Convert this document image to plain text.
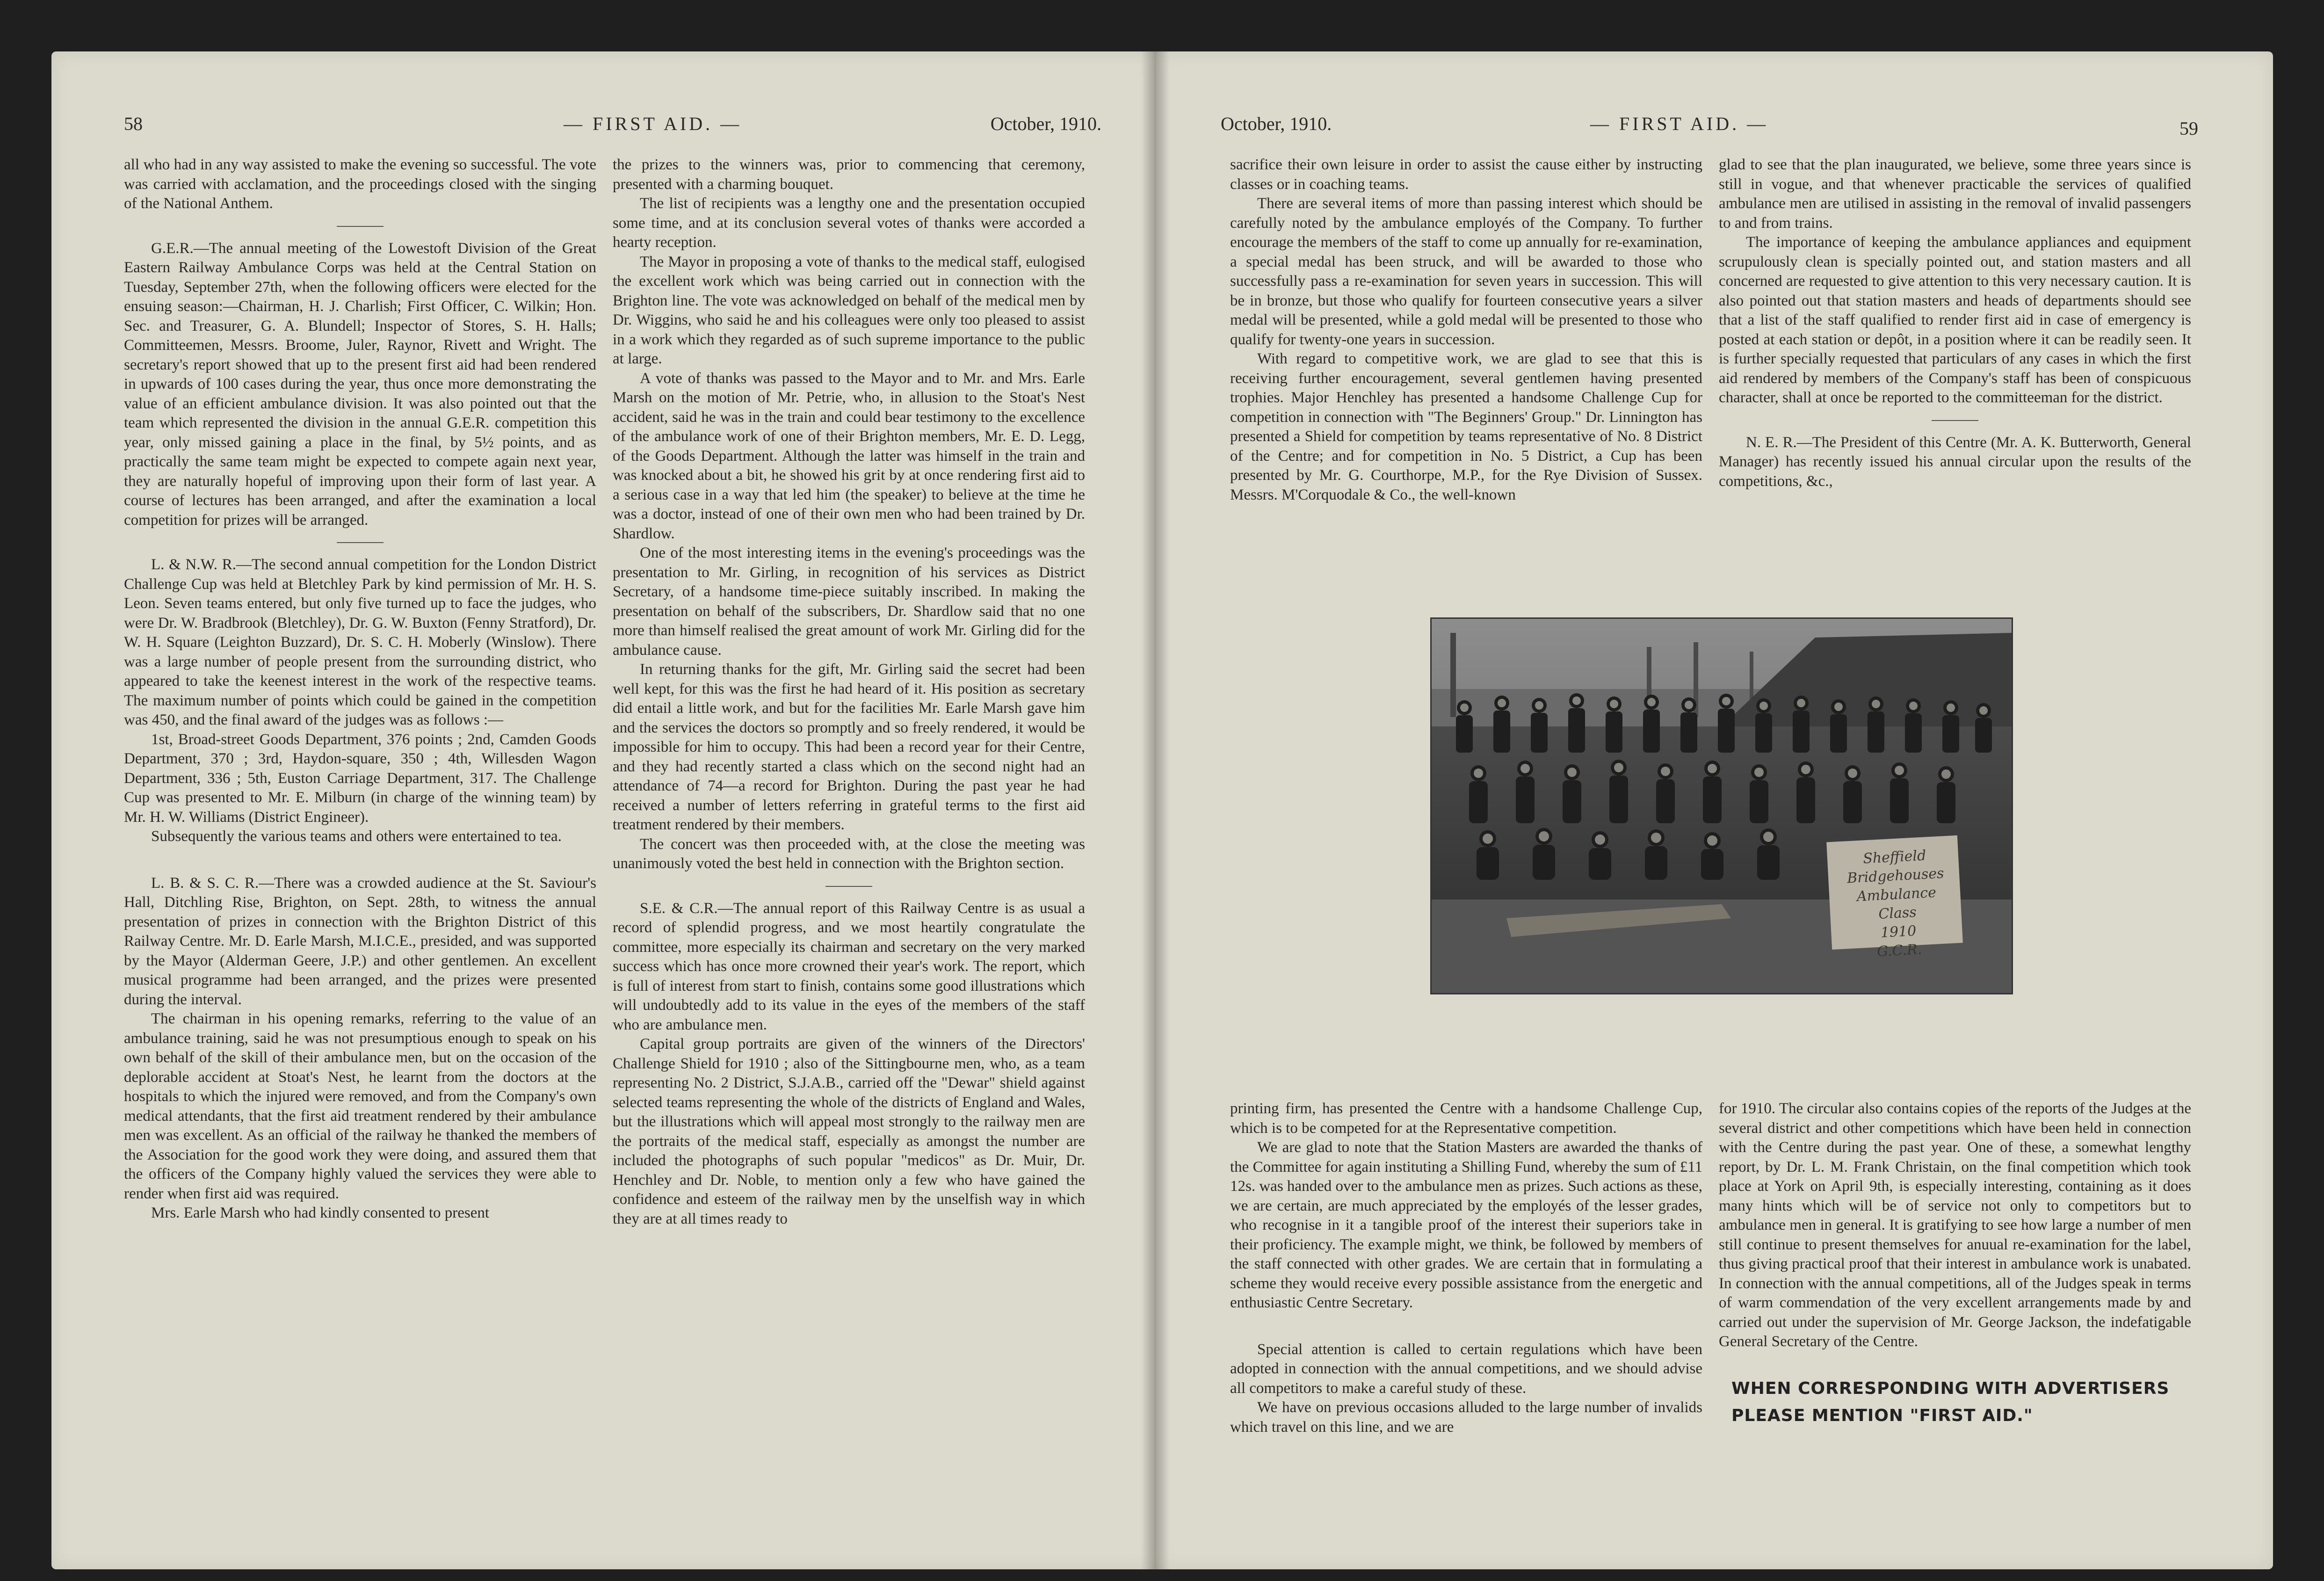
58	— FIRST AID. —	October, 1910.

all who had in any way assisted to make the evening so successful. The vote was carried with acclamation, and the proceedings closed with the singing of the National Anthem.

G.E.R.—The annual meeting of the Lowestoft Division of the Great Eastern Railway Ambulance Corps was held at the Central Station on Tuesday, September 27th, when the following officers were elected for the ensuing season:—Chairman, H. J. Charlish; First Officer, C. Wilkin; Hon. Sec. and Treasurer, G. A. Blundell; Inspector of Stores, S. H. Halls; Committeemen, Messrs. Broome, Juler, Raynor, Rivett and Wright. The secretary's report showed that up to the present first aid had been rendered in upwards of 100 cases during the year, thus once more demonstrating the value of an efficient ambulance division. It was also pointed out that the team which represented the division in the annual G.E.R. competition this year, only missed gaining a place in the final, by 5½ points, and as practically the same team might be expected to compete again next year, they are naturally hopeful of improving upon their form of last year. A course of lectures has been arranged, and after the examination a local competition for prizes will be arranged.

L. & N.W. R.—The second annual competition for the London District Challenge Cup was held at Bletchley Park by kind permission of Mr. H. S. Leon. Seven teams entered, but only five turned up to face the judges, who were Dr. W. Bradbrook (Bletchley), Dr. G. W. Buxton (Fenny Stratford), Dr. W. H. Square (Leighton Buzzard), Dr. S. C. H. Moberly (Winslow). There was a large number of people present from the surrounding district, who appeared to take the keenest interest in the work of the respective teams. The maximum number of points which could be gained in the competition was 450, and the final award of the judges was as follows :—

1st, Broad-street Goods Department, 376 points ; 2nd, Camden Goods Department, 370 ; 3rd, Haydon-square, 350 ; 4th, Willesden Wagon Department, 336 ; 5th, Euston Carriage Department, 317. The Challenge Cup was presented to Mr. E. Milburn (in charge of the winning team) by Mr. H. W. Williams (District Engineer).

Subsequently the various teams and others were entertained to tea.

L. B. & S. C. R.—There was a crowded audience at the St. Saviour's Hall, Ditchling Rise, Brighton, on Sept. 28th, to witness the annual presentation of prizes in connection with the Brighton District of this Railway Centre. Mr. D. Earle Marsh, M.I.C.E., presided, and was supported by the Mayor (Alderman Geere, J.P.) and other gentlemen. An excellent musical programme had been arranged, and the prizes were presented during the interval.

The chairman in his opening remarks, referring to the value of an ambulance training, said he was not presumptious enough to speak on his own behalf of the skill of their ambulance men, but on the occasion of the deplorable accident at Stoat's Nest, he learnt from the doctors at the hospitals to which the injured were removed, and from the Company's own medical attendants, that the first aid treatment rendered by their ambulance men was excellent. As an official of the railway he thanked the members of the Association for the good work they were doing, and assured them that the officers of the Company highly valued the services they were able to render when first aid was required.

Mrs. Earle Marsh who had kindly consented to present

the prizes to the winners was, prior to commencing that ceremony, presented with a charming bouquet.

The list of recipients was a lengthy one and the presentation occupied some time, and at its conclusion several votes of thanks were accorded a hearty reception.

The Mayor in proposing a vote of thanks to the medical staff, eulogised the excellent work which was being carried out in connection with the Brighton line. The vote was acknowledged on behalf of the medical men by Dr. Wiggins, who said he and his colleagues were only too pleased to assist in a work which they regarded as of such supreme importance to the public at large.

A vote of thanks was passed to the Mayor and to Mr. and Mrs. Earle Marsh on the motion of Mr. Petrie, who, in allusion to the Stoat's Nest accident, said he was in the train and could bear testimony to the excellence of the ambulance work of one of their Brighton members, Mr. E. D. Legg, of the Goods Department. Although the latter was himself in the train and was knocked about a bit, he showed his grit by at once rendering first aid to a serious case in a way that led him (the speaker) to believe at the time he was a doctor, instead of one of their own men who had been trained by Dr. Shardlow.

One of the most interesting items in the evening's proceedings was the presentation to Mr. Girling, in recognition of his services as District Secretary, of a handsome time-piece suitably inscribed. In making the presentation on behalf of the subscribers, Dr. Shardlow said that no one more than himself realised the great amount of work Mr. Girling did for the ambulance cause.

In returning thanks for the gift, Mr. Girling said the secret had been well kept, for this was the first he had heard of it. His position as secretary did entail a little work, and but for the facilities Mr. Earle Marsh gave him and the services the doctors so promptly and so freely rendered, it would be impossible for him to occupy. This had been a record year for their Centre, and they had recently started a class which on the second night had an attendance of 74—a record for Brighton. During the past year he had received a number of letters referring in grateful terms to the first aid treatment rendered by their members.

The concert was then proceeded with, at the close the meeting was unanimously voted the best held in connection with the Brighton section.

S.E. & C.R.—The annual report of this Railway Centre is as usual a record of splendid progress, and we most heartily congratulate the committee, more especially its chairman and secretary on the very marked success which has once more crowned their year's work. The report, which is full of interest from start to finish, contains some good illustrations which will undoubtedly add to its value in the eyes of the members of the staff who are ambulance men.

Capital group portraits are given of the winners of the Directors' Challenge Shield for 1910 ; also of the Sittingbourne men, who, as a team representing No. 2 District, S.J.A.B., carried off the "Dewar" shield against selected teams representing the whole of the districts of England and Wales, but the illustrations which will appeal most strongly to the railway men are the portraits of the medical staff, especially as amongst the number are included the photographs of such popular "medicos" as Dr. Muir, Dr. Henchley and Dr. Noble, to mention only a few who have gained the confidence and esteem of the railway men by the unselfish way in which they are at all times ready to

October, 1910.	— FIRST AID. —	59

sacrifice their own leisure in order to assist the cause either by instructing classes or in coaching teams.

There are several items of more than passing interest which should be carefully noted by the ambulance employés of the Company. To further encourage the members of the staff to come up annually for re-examination, a special medal has been struck, and will be awarded to those who successfully pass a re-examination for seven years in succession. This will be in bronze, but those who qualify for fourteen consecutive years a silver medal will be presented, while a gold medal will be presented to those who qualify for twenty-one years in succession.

With regard to competitive work, we are glad to see that this is receiving further encouragement, several gentlemen having presented trophies. Major Henchley has presented a handsome Challenge Cup for competition in connection with "The Beginners' Group." Dr. Linnington has presented a Shield for competition by teams representative of No. 8 District of the Centre; and for competition in No. 5 District, a Cup has been presented by Mr. G. Courthorpe, M.P., for the Rye Division of Sussex. Messrs. M'Corquodale & Co., the well-known

glad to see that the plan inaugurated, we believe, some three years since is still in vogue, and that whenever practicable the services of qualified ambulance men are utilised in assisting in the removal of invalid passengers to and from trains.

The importance of keeping the ambulance appliances and equipment scrupulously clean is specially pointed out, and station masters and all concerned are requested to give attention to this very necessary caution. It is also pointed out that station masters and heads of departments should see that a list of the staff qualified to render first aid in case of emergency is posted at each station or depôt, in a position where it can be readily seen. It is further specially requested that particulars of any cases in which the first aid rendered by members of the Company's staff has been of conspicuous character, shall at once be reported to the committeeman for the district.

N. E. R.—The President of this Centre (Mr. A. K. Butterworth, General Manager) has recently issued his annual circular upon the results of the competitions, &c.,

printing firm, has presented the Centre with a handsome Challenge Cup, which is to be competed for at the Representative competition.

We are glad to note that the Station Masters are awarded the thanks of the Committee for again instituting a Shilling Fund, whereby the sum of £11 12s. was handed over to the ambulance men as prizes. Such actions as these, we are certain, are much appreciated by the employés of the lesser grades, who recognise in it a tangible proof of the interest their superiors take in their proficiency. The example might, we think, be followed by members of the staff connected with other grades. We are certain that in formulating a scheme they would receive every possible assistance from the energetic and enthusiastic Centre Secretary.

Special attention is called to certain regulations which have been adopted in connection with the annual competitions, and we should advise all competitors to make a careful study of these.

We have on previous occasions alluded to the large number of invalids which travel on this line, and we are

for 1910. The circular also contains copies of the reports of the Judges at the several district and other competitions which have been held in connection with the Centre during the past year. One of these, a somewhat lengthy report, by Dr. L. M. Frank Christain, on the final competition which took place at York on April 9th, is especially interesting, containing as it does many hints which will be of service not only to competitors but to ambulance men in general. It is gratifying to see how large a number of men still continue to present themselves for anuual re-examination for the label, thus giving practical proof that their interest in ambulance work is unabated. In connection with the annual competitions, all of the Judges speak in terms of warm commendation of the very excellent arrangements made by and carried out under the supervision of Mr. George Jackson, the indefatigable General Secretary of the Centre.

Sheffield
Bridgehouses
Ambulance Class
1910
G.C.R.
WHEN CORRESPONDING WITH ADVERTISERS PLEASE MENTION "FIRST AID."
